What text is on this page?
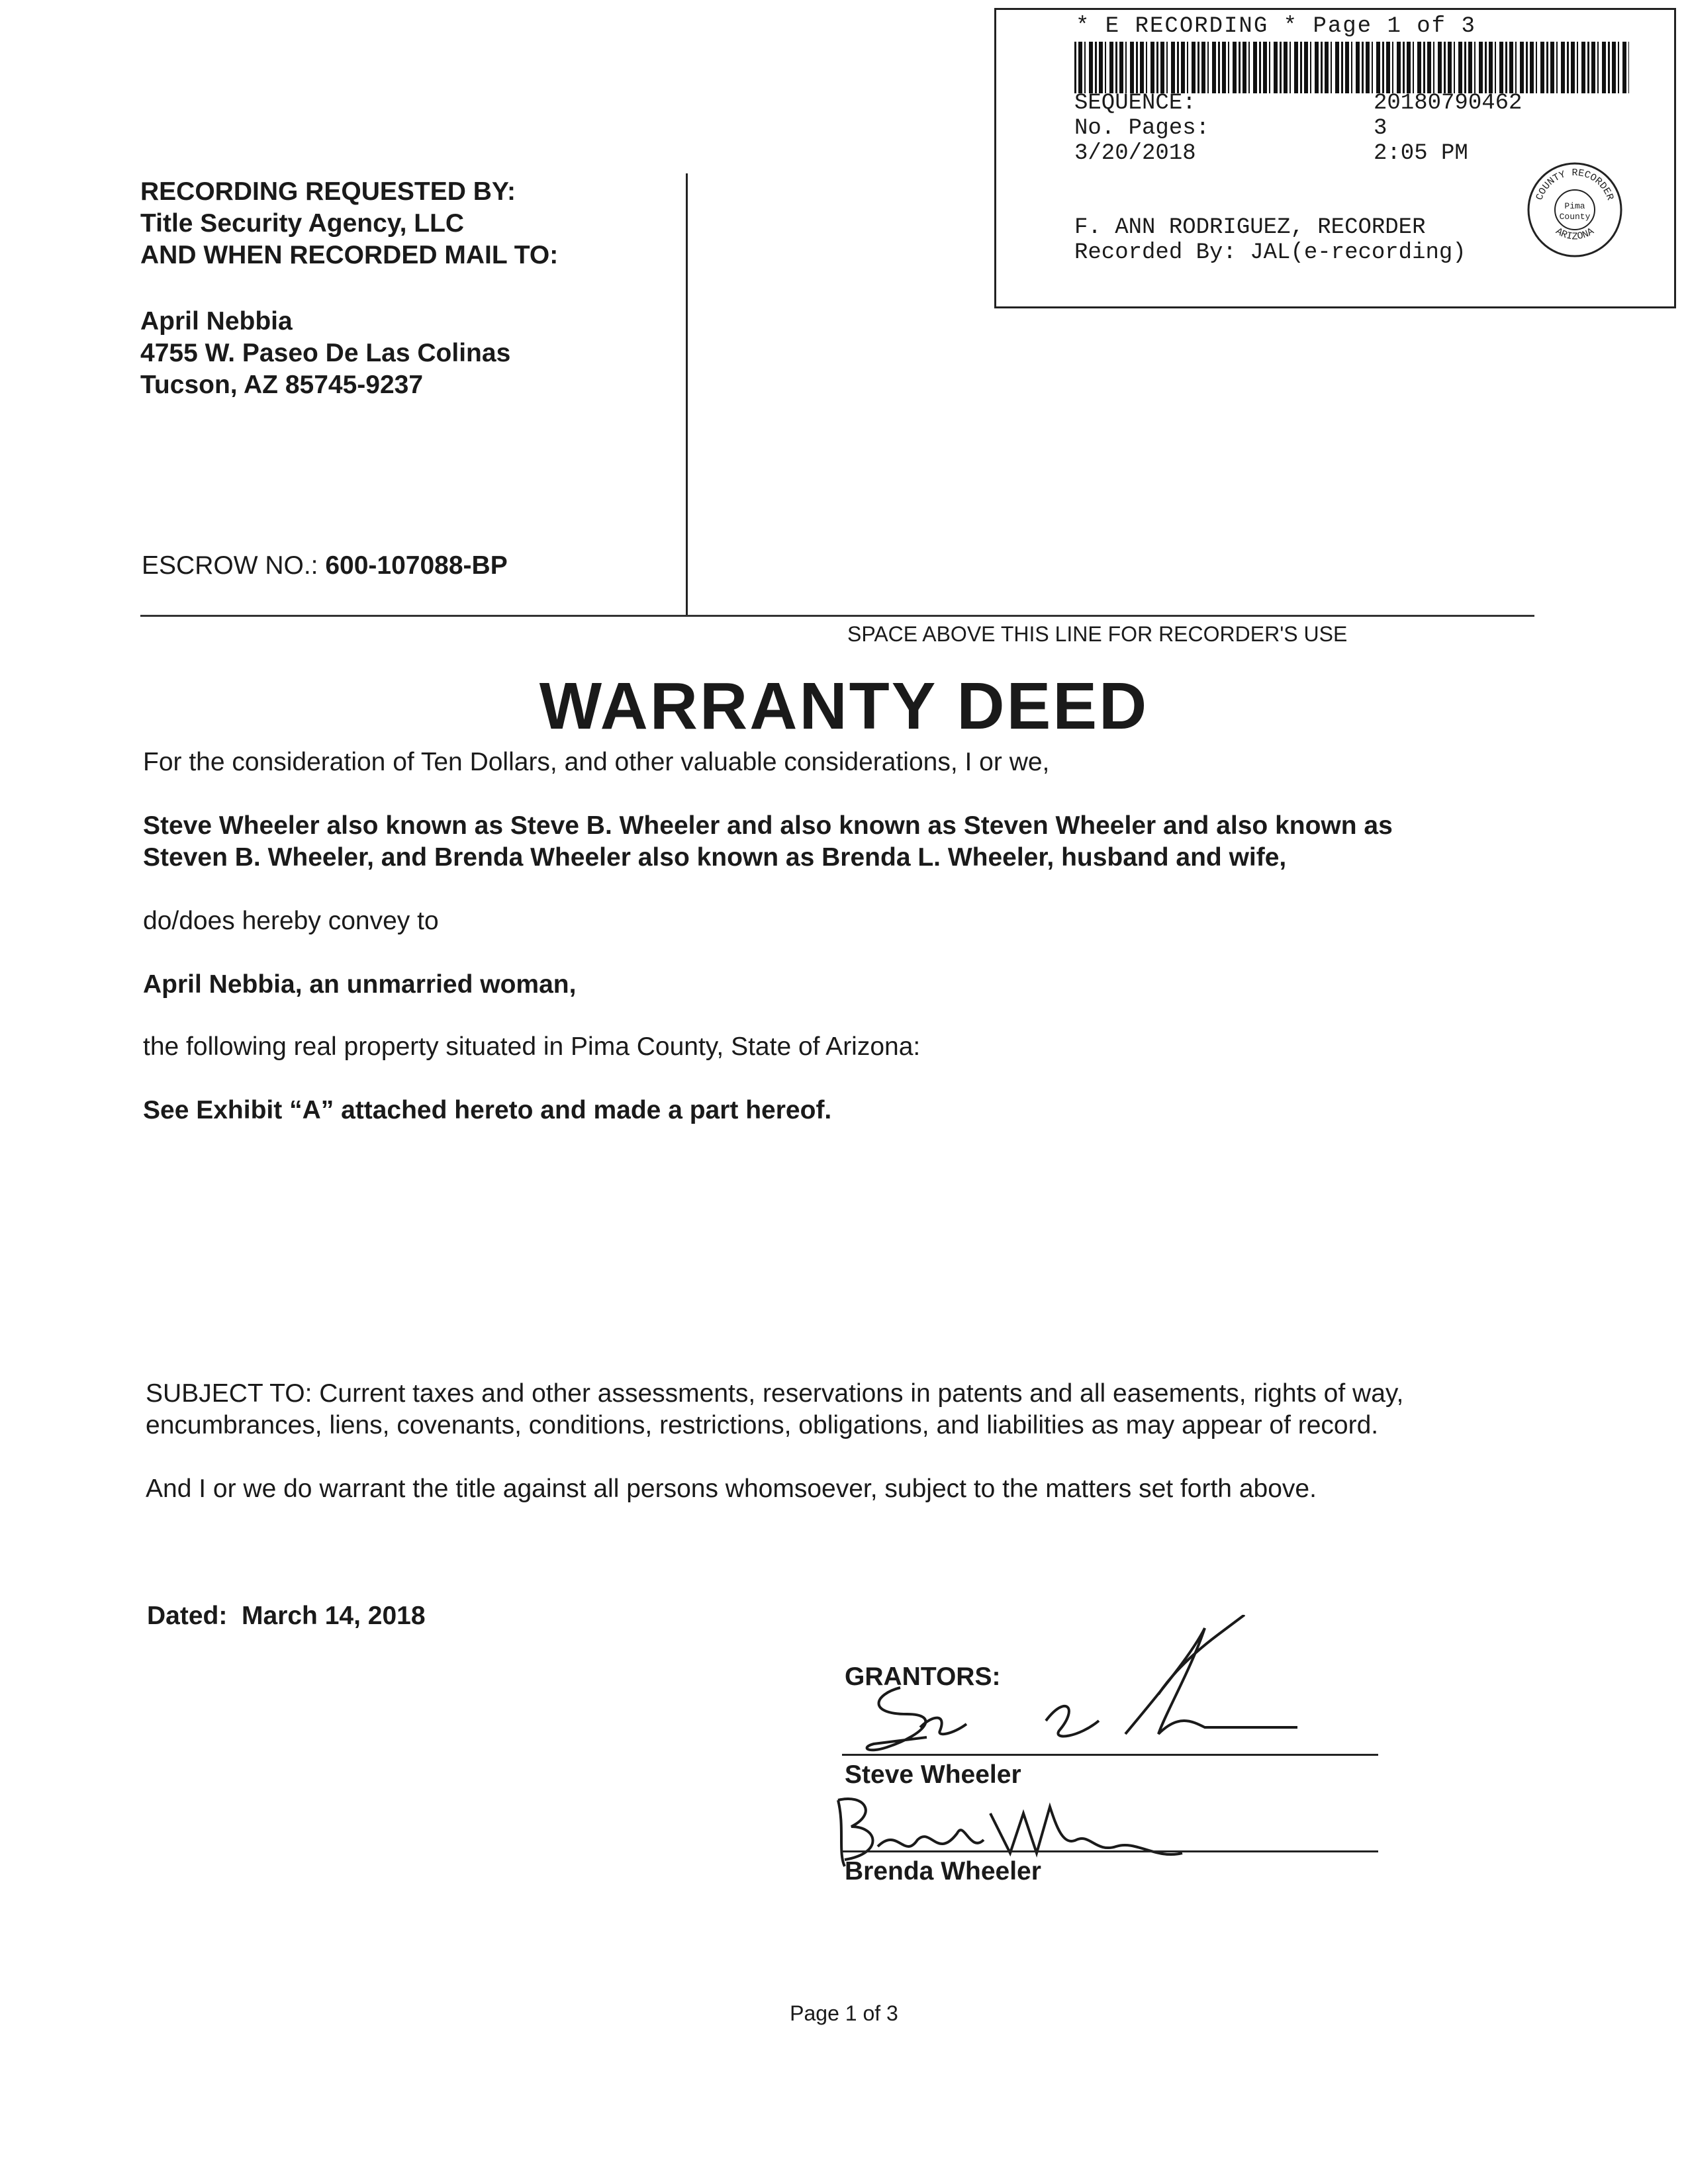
* E RECORDING * Page 1 of 3
SEQUENCE:	20180790462
No. Pages:	3
3/20/2018	2:05 PM
F. ANN RODRIGUEZ, RECORDER
Recorded By: JAL(e-recording)
COUNTY RECORDER
ARIZONA
Pima
County
RECORDING REQUESTED BY:
Title Security Agency, LLC
AND WHEN RECORDED MAIL TO:
April Nebbia
4755 W. Paseo De Las Colinas
Tucson, AZ 85745-9237
ESCROW NO.: 600-107088-BP
SPACE ABOVE THIS LINE FOR RECORDER'S USE
WARRANTY DEED
For the consideration of Ten Dollars, and other valuable considerations, I or we,
Steve Wheeler also known as Steve B. Wheeler and also known as Steven Wheeler and also known as
Steven B. Wheeler, and Brenda Wheeler also known as Brenda L. Wheeler, husband and wife,
do/does hereby convey to
April Nebbia, an unmarried woman,
the following real property situated in Pima County, State of Arizona:
See Exhibit “A” attached hereto and made a part hereof.
SUBJECT TO: Current taxes and other assessments, reservations in patents and all easements, rights of way,
encumbrances, liens, covenants, conditions, restrictions, obligations, and liabilities as may appear of record.
And I or we do warrant the title against all persons whomsoever, subject to the matters set forth above.
Dated: March 14, 2018
GRANTORS:
Steve Wheeler
Brenda Wheeler
Page 1 of 3
